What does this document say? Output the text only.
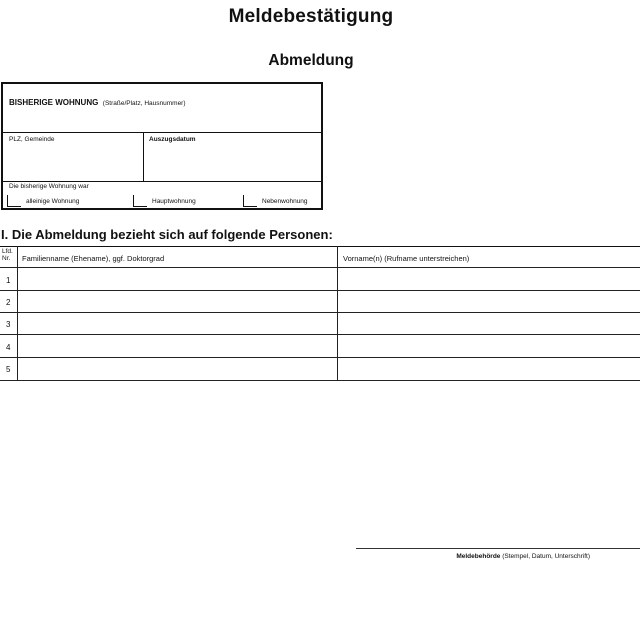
Meldebestätigung
Abmeldung
BISHERIGE WOHNUNG (Straße/Platz, Hausnummer)
PLZ, Gemeinde	Auszugsdatum
Die bisherige Wohnung war
alleinige Wohnung	Hauptwohnung	Nebenwohnung
I. Die Abmeldung bezieht sich auf folgende Personen:
Lfd.
Nr.	Familienname (Ehename), ggf. Doktorgrad	Vorname(n) (Rufname unterstreichen)
1
2
3
4
5
Meldebehörde (Stempel, Datum, Unterschrift)
